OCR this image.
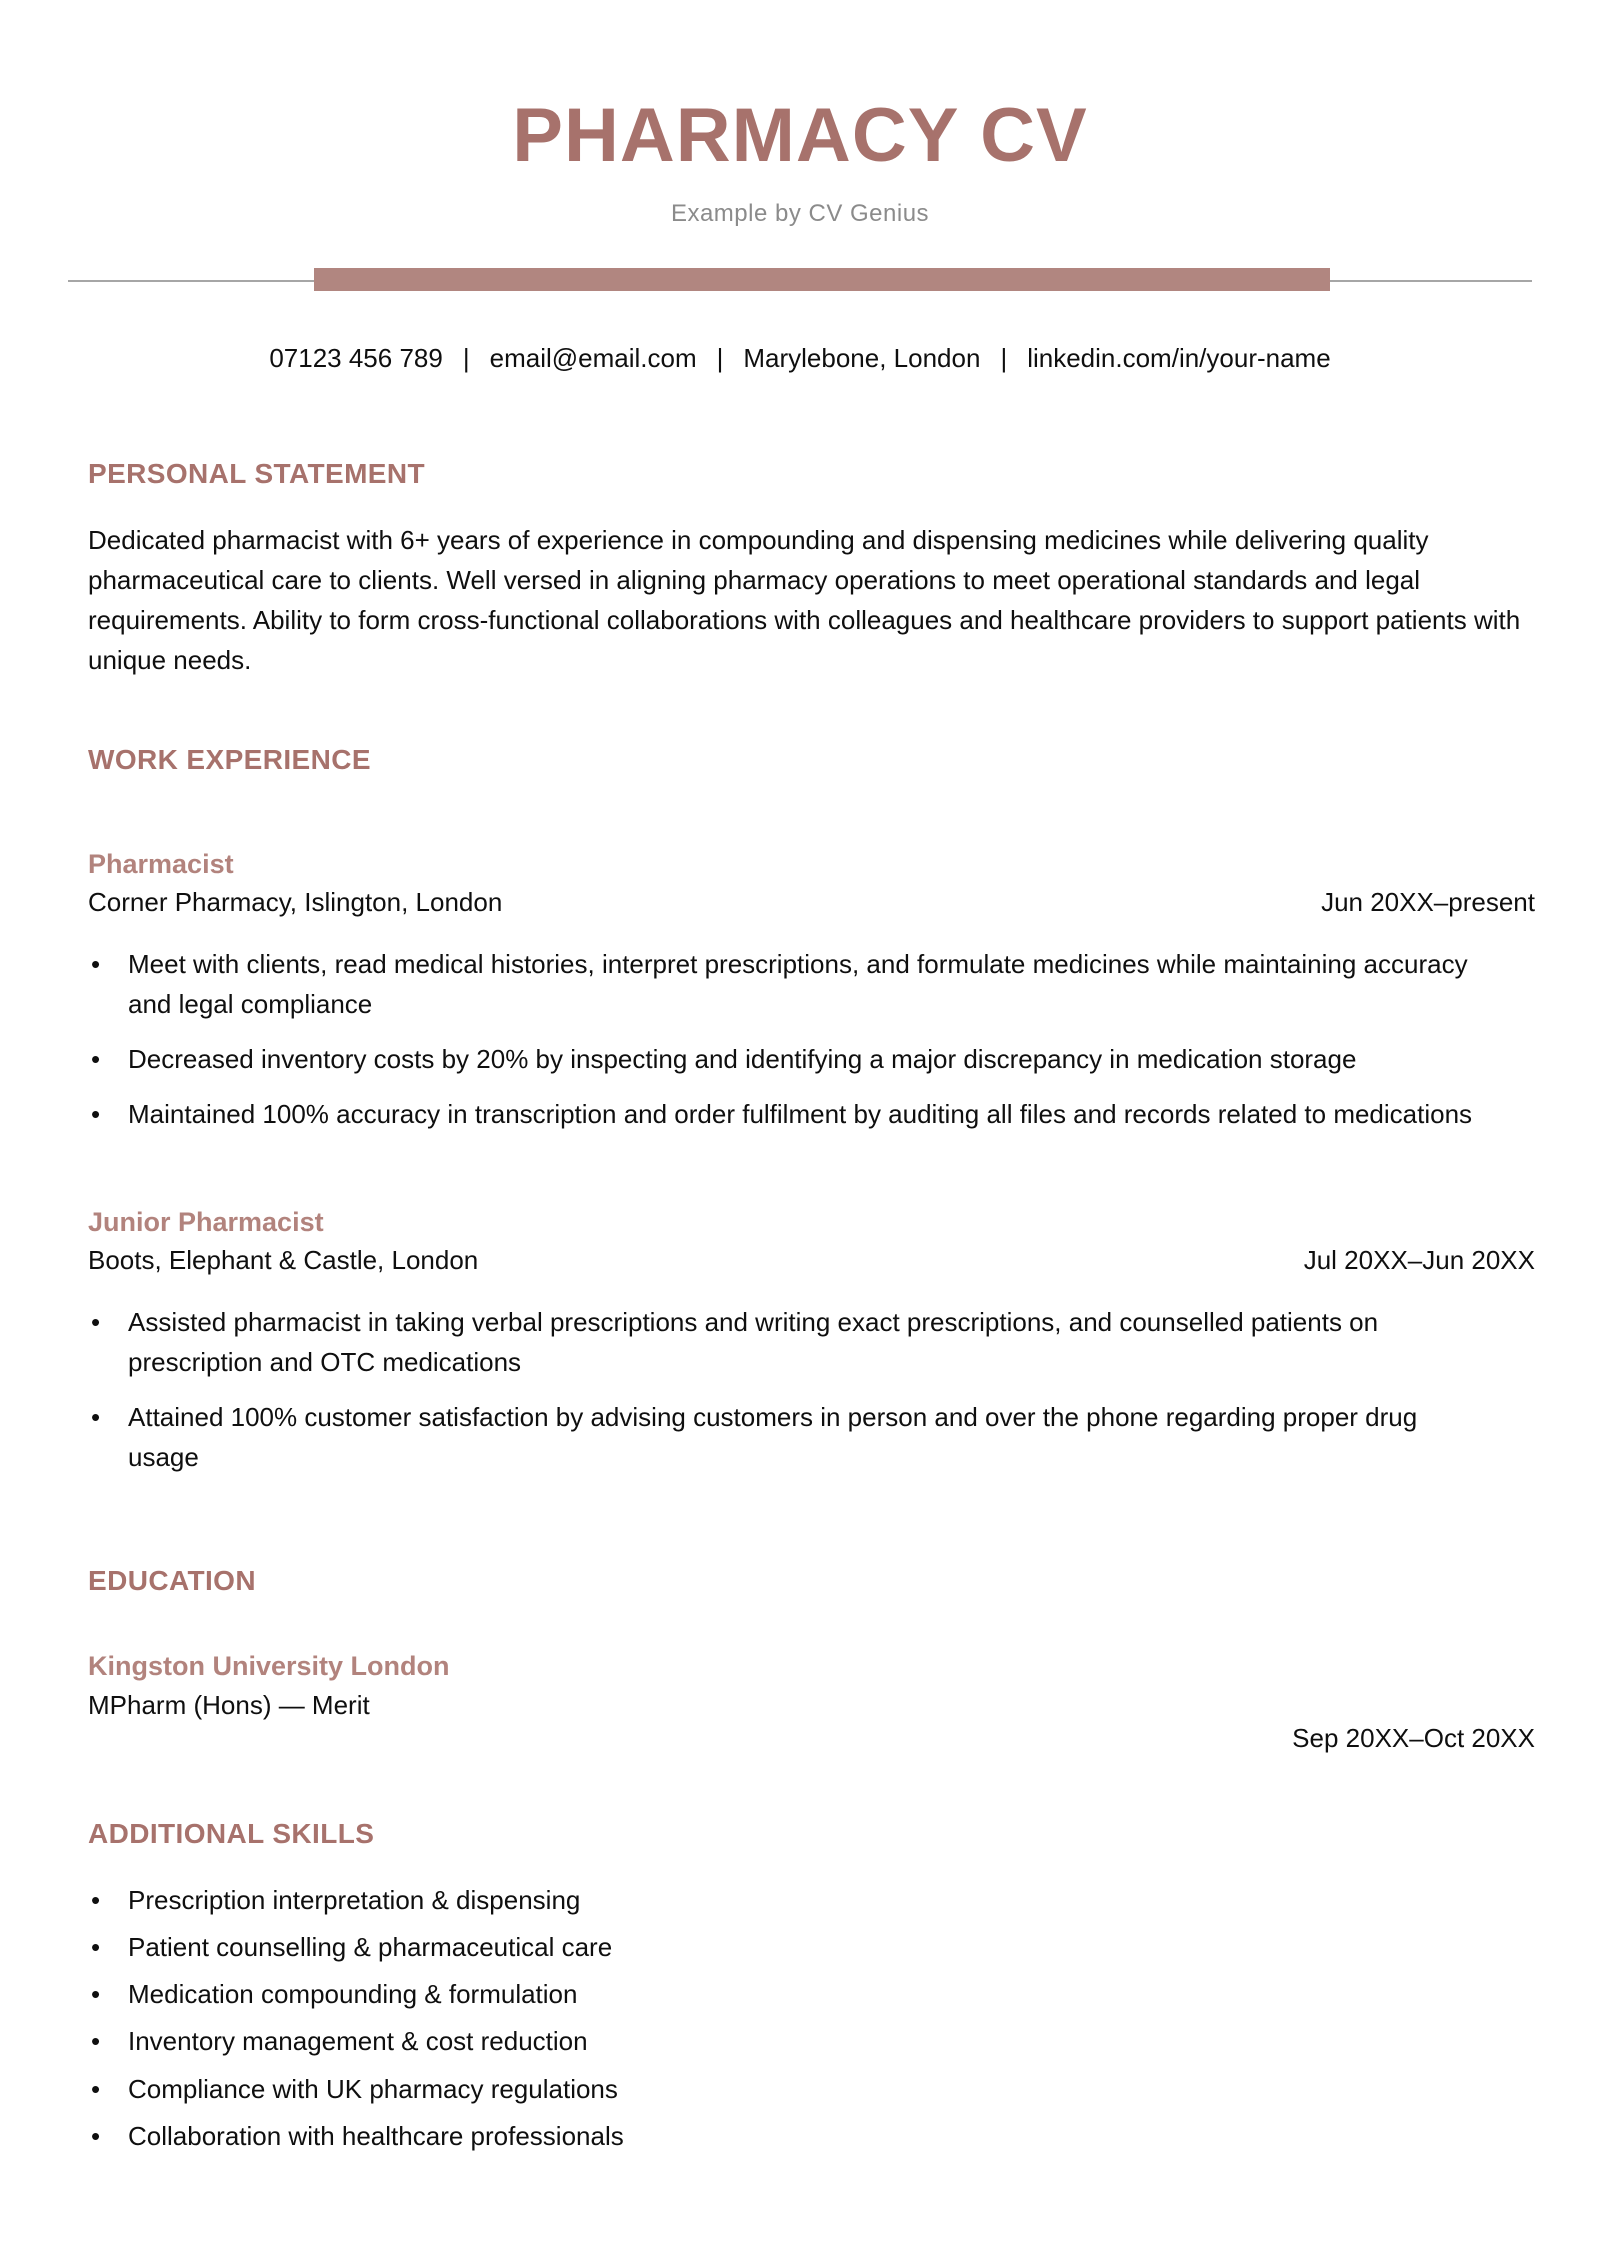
PHARMACY CV

Example by CV Genius

07123 456 789 | email@email.com | Marylebone, London | linkedin.com/in/your-name
PERSONAL STATEMENT

Dedicated pharmacist with 6+ years of experience in compounding and dispensing medicines while delivering quality pharmaceutical care to clients. Well versed in aligning pharmacy operations to meet operational standards and legal requirements. Ability to form cross-functional collaborations with colleagues and healthcare providers to support patients with unique needs.

WORK EXPERIENCE
Pharmacist
Corner Pharmacy, Islington, London	Jun 20XX–present
• Meet with clients, read medical histories, interpret prescriptions, and formulate medicines while maintaining accuracy and legal compliance
• Decreased inventory costs by 20% by inspecting and identifying a major discrepancy in medication storage
• Maintained 100% accuracy in transcription and order fulfilment by auditing all files and records related to medications
Junior Pharmacist
Boots, Elephant & Castle, London	Jul 20XX–Jun 20XX
• Assisted pharmacist in taking verbal prescriptions and writing exact prescriptions, and counselled patients on prescription and OTC medications
• Attained 100% customer satisfaction by advising customers in person and over the phone regarding proper drug usage
EDUCATION
Kingston University London
MPharm (Hons) — Merit
Sep 20XX–Oct 20XX
ADDITIONAL SKILLS
• Prescription interpretation & dispensing
• Patient counselling & pharmaceutical care
• Medication compounding & formulation
• Inventory management & cost reduction
• Compliance with UK pharmacy regulations
• Collaboration with healthcare professionals
